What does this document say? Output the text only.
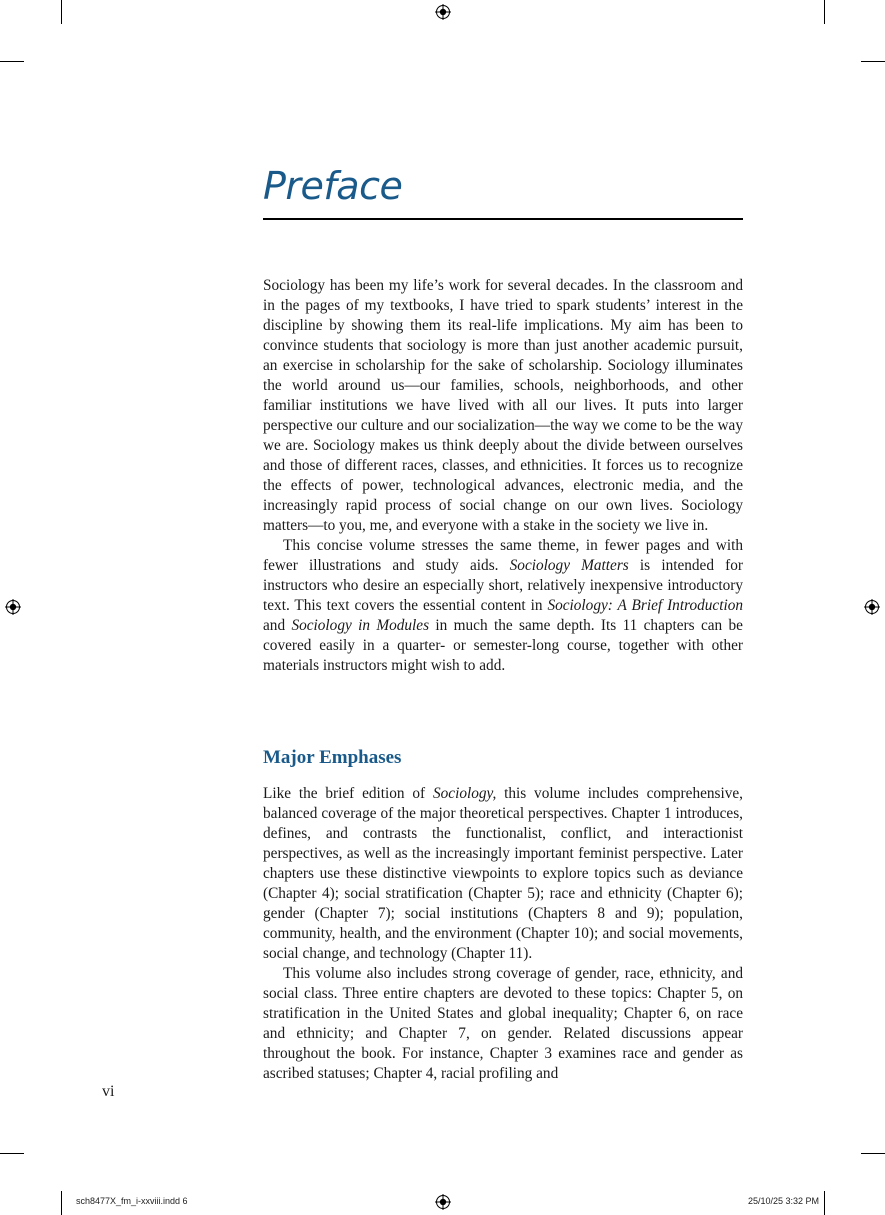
Preface

Sociology has been my life’s work for several decades. In the classroom and in the pages of my textbooks, I have tried to spark students’ interest in the discipline by showing them its real-life implications. My aim has been to convince students that sociology is more than just another academic pursuit, an exercise in scholarship for the sake of scholarship. Sociology illuminates the world around us—our families, schools, neighborhoods, and other familiar institutions we have lived with all our lives. It puts into larger perspective our culture and our socialization—the way we come to be the way we are. Sociology makes us think deeply about the divide between ourselves and those of different races, classes, and ethnicities. It forces us to recognize the effects of power, technological advances, electronic media, and the increasingly rapid process of social change on our own lives. Sociology matters—to you, me, and everyone with a stake in the society we live in.

This concise volume stresses the same theme, in fewer pages and with fewer illustrations and study aids. Sociology Matters is intended for instructors who desire an especially short, relatively inexpensive introductory text. This text covers the essential content in Sociology: A Brief Introduction and Sociology in Modules in much the same depth. Its 11 chapters can be covered easily in a quarter- or semester-long course, together with other materials instructors might wish to add.

Major Emphases

Like the brief edition of Sociology, this volume includes comprehensive, balanced coverage of the major theoretical perspectives. Chapter 1 introduces, defines, and contrasts the functionalist, conflict, and interactionist perspectives, as well as the increasingly important feminist perspective. Later chapters use these distinctive viewpoints to explore topics such as deviance (Chapter 4); social stratification (Chapter 5); race and ethnicity (Chapter 6); gender (Chapter 7); social institutions (Chapters 8 and 9); population, community, health, and the environment (Chapter 10); and social movements, social change, and technology (Chapter 11).

This volume also includes strong coverage of gender, race, ethnicity, and social class. Three entire chapters are devoted to these topics: Chapter 5, on stratification in the United States and global inequality; Chapter 6, on race and ethnicity; and Chapter 7, on gender. Related discussions appear throughout the book. For instance, Chapter 3 examines race and gender as ascribed statuses; Chapter 4, racial profiling and

vi
sch8477X_fm_i-xxviii.indd 6	25/10/25 3:32 PM
